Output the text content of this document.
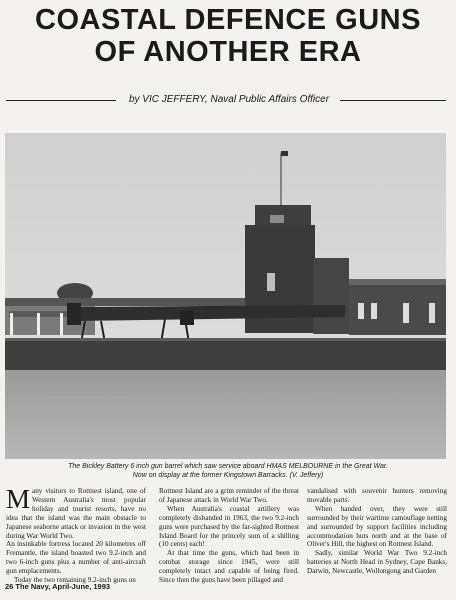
COASTAL DEFENCE GUNS
OF ANOTHER ERA
by VIC JEFFERY, Naval Public Affairs Officer
The Bickley Battery 6 inch gun barrel which saw service aboard HMAS MELBOURNE in the Great War.
Now on display at the former Kingstown Barracks. (V. Jeffery)

Many visitors to Rottnest island, one of Western Australia's most popular holiday and tourist resorts, have no idea that the island was the main obstacle to Japanese seaborne attack or invasion in the west during War World Two.

An insinkable fortress located 20 kilometres off Fremantle, the island boasted two 9.2-inch and two 6-inch guns plus a number of anti-aircraft gun emplacements.

Today the two remaining 9.2-inch guns on

Rottnest Island are a grim reminder of the threat of Japanese attack in World War Two.

When Australia's coastal artillery was completely disbanded in 1963, the two 9.2-inch guns were purchased by the far-sighted Rottnest Island Board for the princely sum of a shilling (10 cents) each!

At that time the guns, which had been in combat storage since 1945, were still completely intact and capable of being fired. Since then the guns have been pillaged and

vandalised with souvenir hunters removing movable parts.

When handed over, they were still surrounded by their wartime camouflage netting and surrounded by support facilities including accommodation huts north and at the base of Oliver's Hill, the highest on Rottnest Island.

Sadly, similar World War Two 9.2-inch batteries at North Head in Sydney, Cape Banks, Darwin, Newcastle, Wollongong and Garden

26 The Navy, April-June, 1993
